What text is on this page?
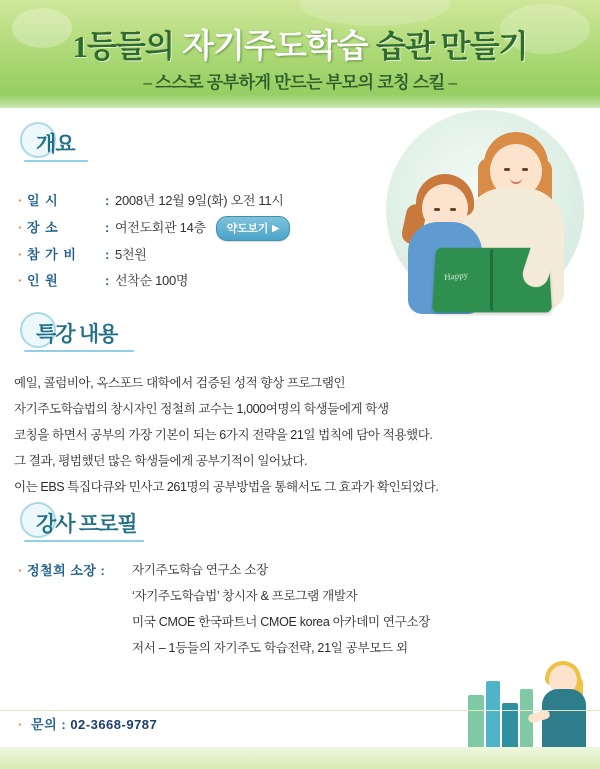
1등들의 자기주도학습 습관 만들기
– 스스로 공부하게 만드는 부모의 코칭 스킬 –
Happy
개요
· 일 시	: 2008년 12월 9일(화) 오전 11시
· 장 소	: 여전도회관 14층 약도보기 ▶
· 참 가 비 : 5천원
· 인 원	: 선착순 100명
특강 내용
예일, 콜럼비아, 옥스포드 대학에서 검증된 성적 향상 프로그램인
자기주도학습법의 창시자인 정철희 교수는 1,000여명의 학생들에게 학생
코칭을 하면서 공부의 가장 기본이 되는 6가지 전략을 21일 법칙에 담아 적용했다.
그 결과, 평범했던 많은 학생들에게 공부기적이 일어났다.
이는 EBS 특집다큐와 민사고 261명의 공부방법을 통해서도 그 효과가 확인되었다.
강사 프로필
· 정철희 소장 : 자기주도학습 연구소 소장
‘자기주도학습법’ 창시자 & 프로그램 개발자
미국 CMOE 한국파트너 CMOE korea 아카데미 연구소장
저서 – 1등들의 자기주도 학습전략, 21일 공부모드 외
· 문의 : 02-3668-9787
